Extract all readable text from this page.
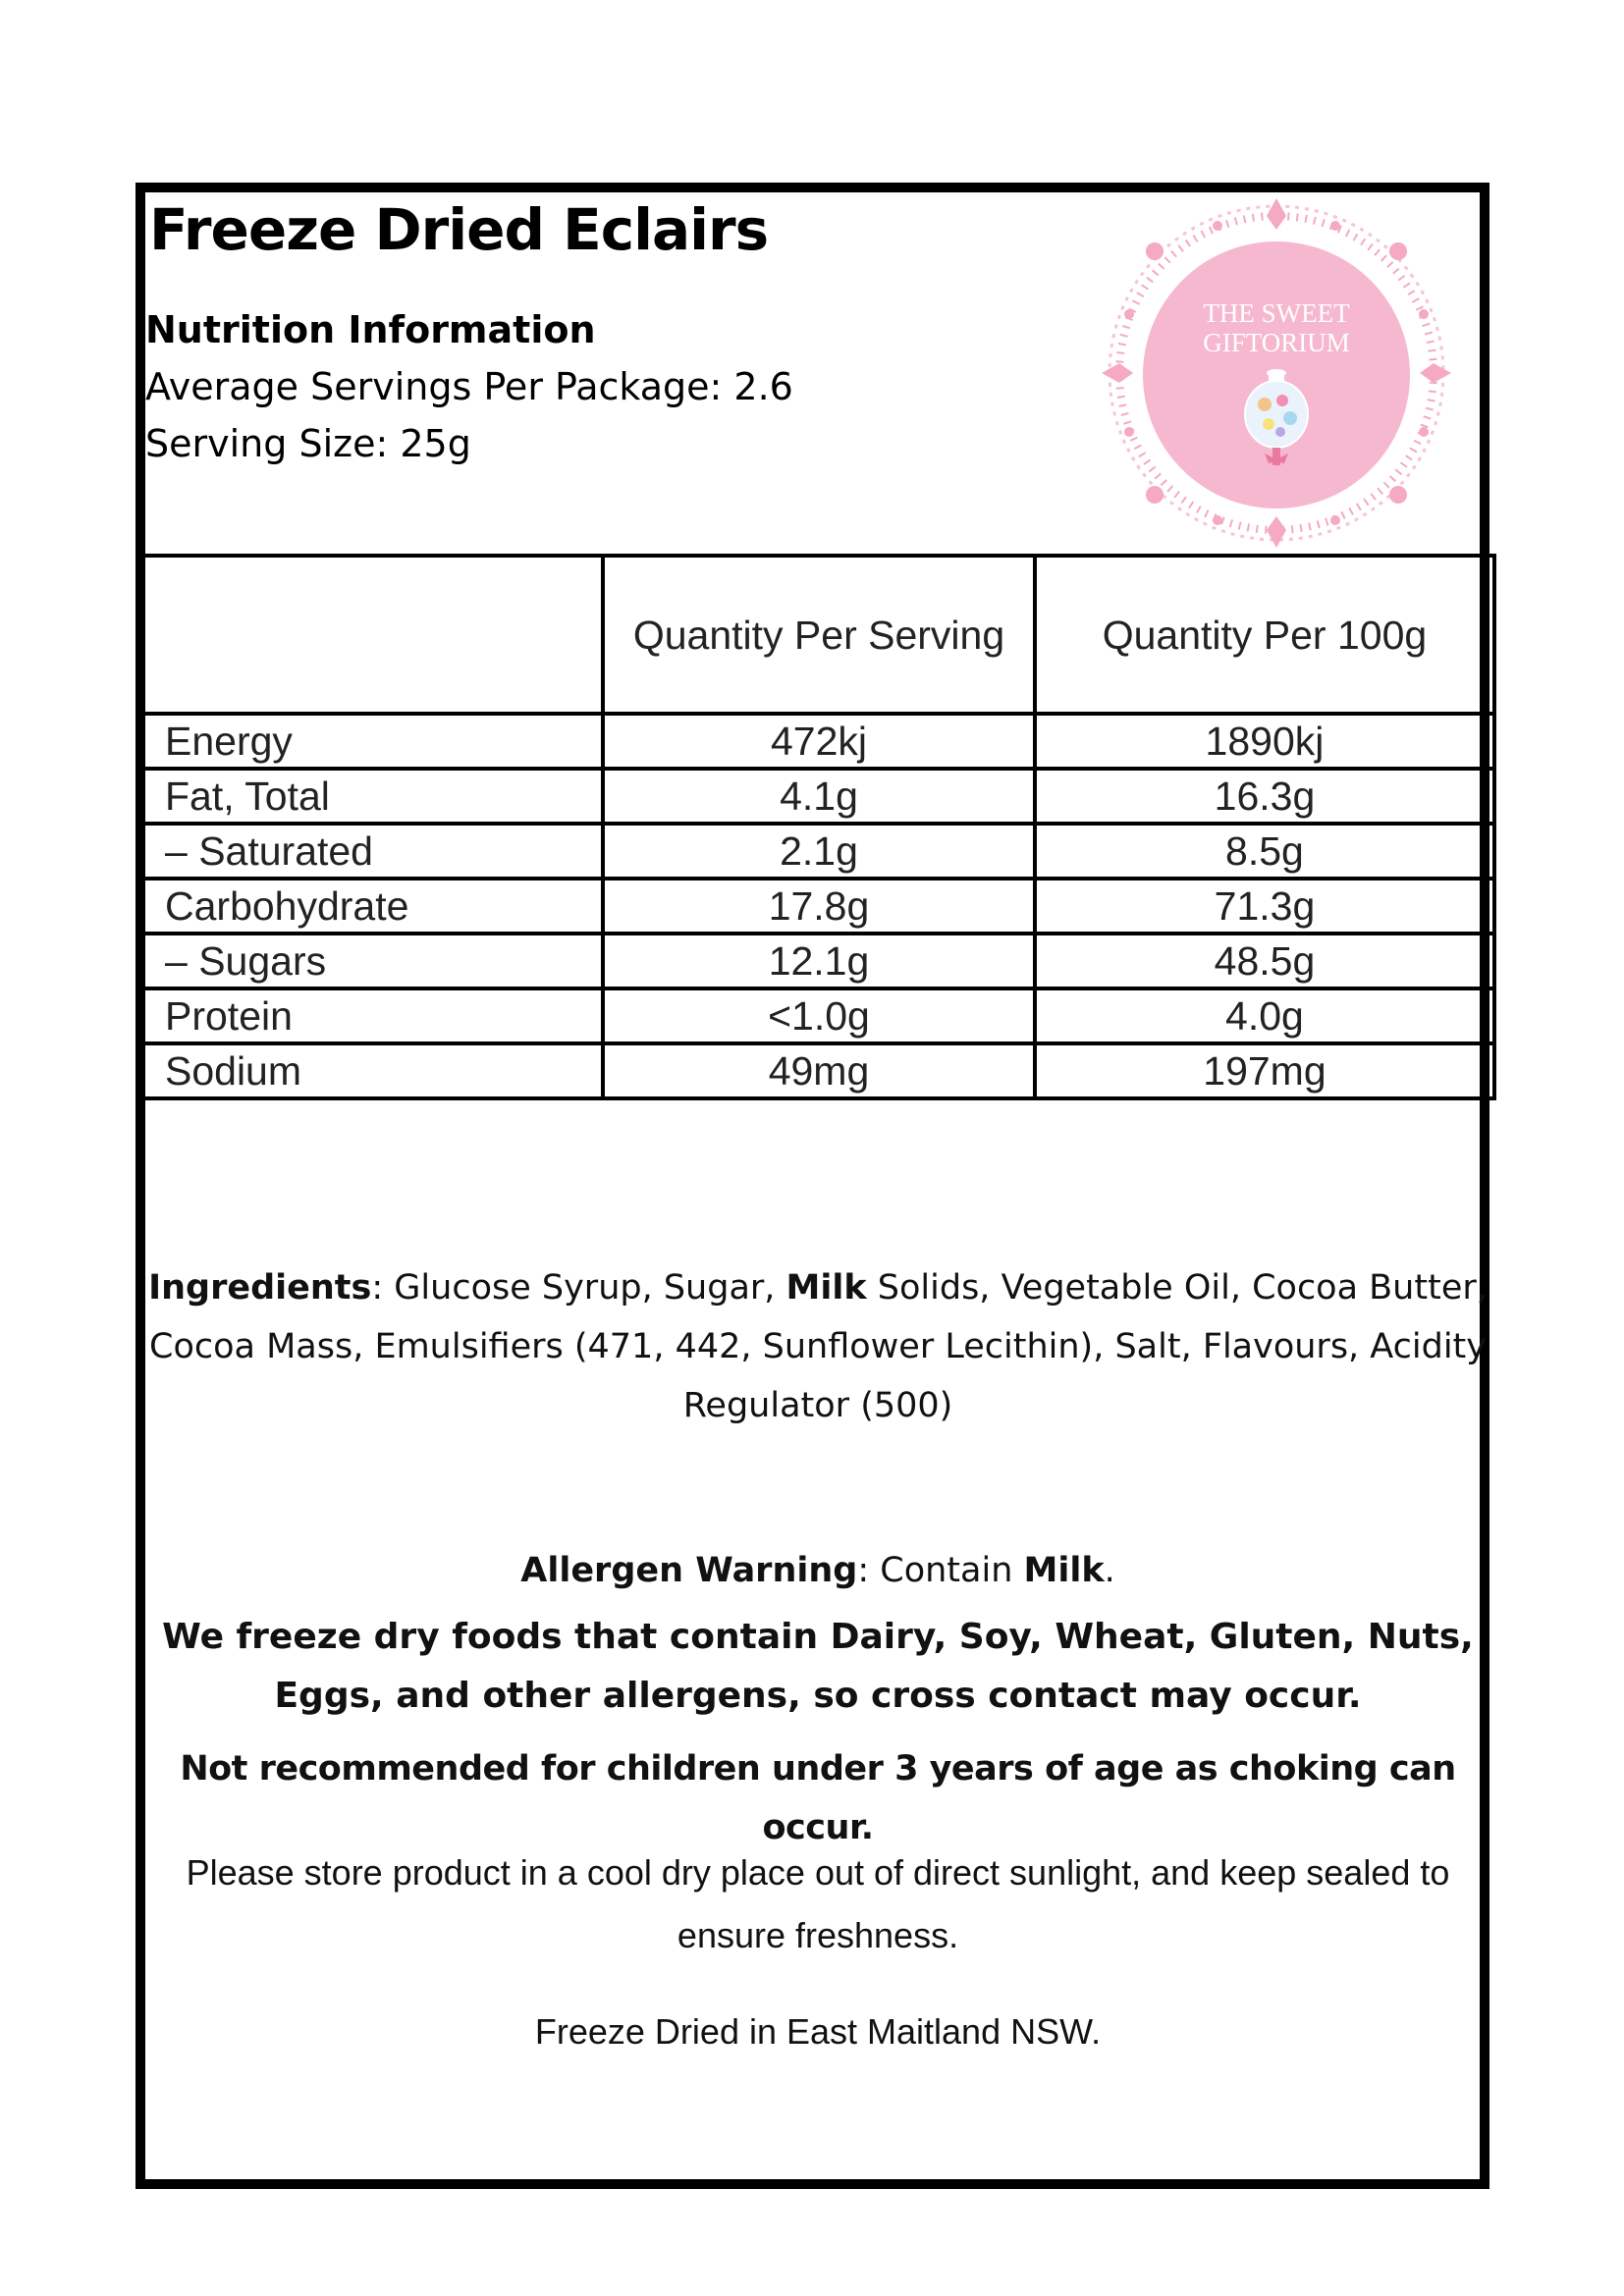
Freeze Dried Eclairs
Nutrition Information
Average Servings Per Package: 2.6
Serving Size: 25g
THE SWEET
GIFTORIUM
	Quantity Per Serving	Quantity Per 100g
Energy	472kj	1890kj
Fat, Total	4.1g	16.3g
– Saturated	2.1g	8.5g
Carbohydrate	17.8g	71.3g
– Sugars	12.1g	48.5g
Protein	<1.0g	4.0g
Sodium	49mg	197mg
Ingredients: Glucose Syrup, Sugar, Milk Solids, Vegetable Oil, Cocoa Butter, Cocoa Mass, Emulsifiers (471, 442, Sunflower Lecithin), Salt, Flavours, Acidity Regulator (500)
Allergen Warning: Contain Milk.
We freeze dry foods that contain Dairy, Soy, Wheat, Gluten, Nuts, Eggs, and other allergens, so cross contact may occur.
Not recommended for children under 3 years of age as choking can occur.
Please store product in a cool dry place out of direct sunlight, and keep sealed to ensure freshness.
Freeze Dried in East Maitland NSW.
